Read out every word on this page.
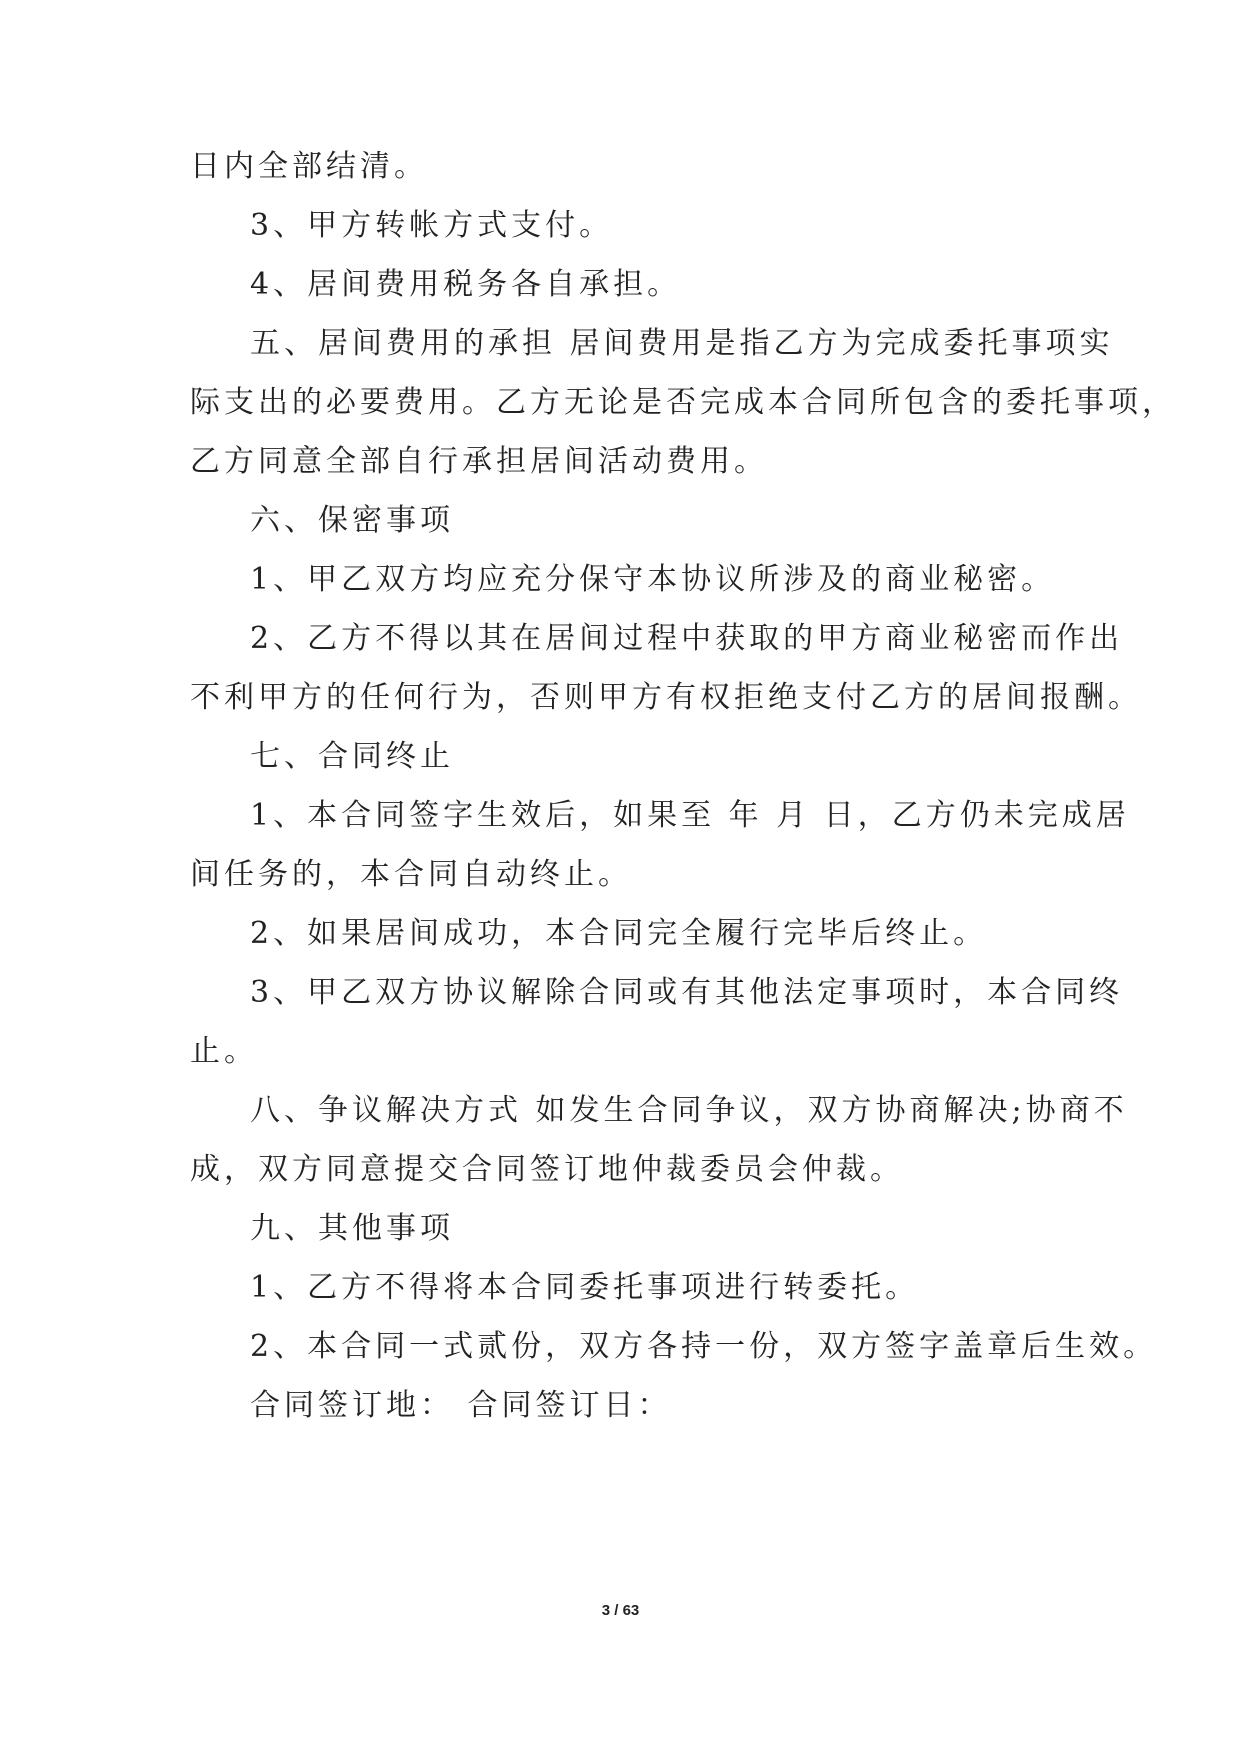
日内全部结清。
3、甲方转帐方式支付。
4、居间费用税务各自承担。
五、居间费用的承担 居间费用是指乙方为完成委托事项实
际支出的必要费用。乙方无论是否完成本合同所包含的委托事项，
乙方同意全部自行承担居间活动费用。
六、保密事项
1、甲乙双方均应充分保守本协议所涉及的商业秘密。
2、乙方不得以其在居间过程中获取的甲方商业秘密而作出
不利甲方的任何行为，否则甲方有权拒绝支付乙方的居间报酬。
七、合同终止
1、本合同签字生效后，如果至 年 月 日，乙方仍未完成居
间任务的，本合同自动终止。
2、如果居间成功，本合同完全履行完毕后终止。
3、甲乙双方协议解除合同或有其他法定事项时，本合同终
止。
八、争议解决方式 如发生合同争议，双方协商解决;协商不
成，双方同意提交合同签订地仲裁委员会仲裁。
九、其他事项
1、乙方不得将本合同委托事项进行转委托。
2、本合同一式贰份，双方各持一份，双方签字盖章后生效。
合同签订地： 合同签订日：
3 / 63
